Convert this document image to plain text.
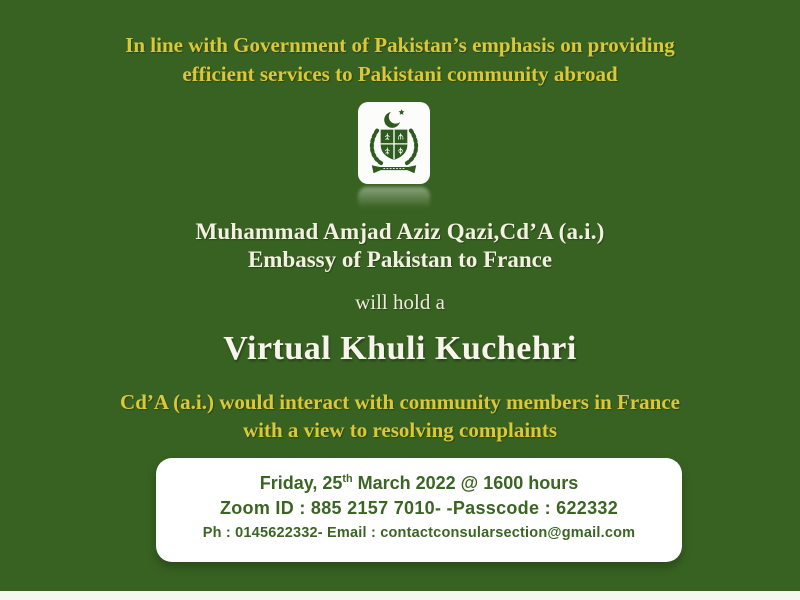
In line with Government of Pakistan’s emphasis on providing
efficient services to Pakistani community abroad
Muhammad Amjad Aziz Qazi,Cd’A (a.i.)
Embassy of Pakistan to France
will hold a
Virtual Khuli Kuchehri
Cd’A (a.i.) would interact with community members in France
with a view to resolving complaints
Friday, 25th March 2022 @ 1600 hours
Zoom ID : 885 2157 7010- -Passcode : 622332
Ph : 0145622332- Email : contactconsularsection@gmail.com
